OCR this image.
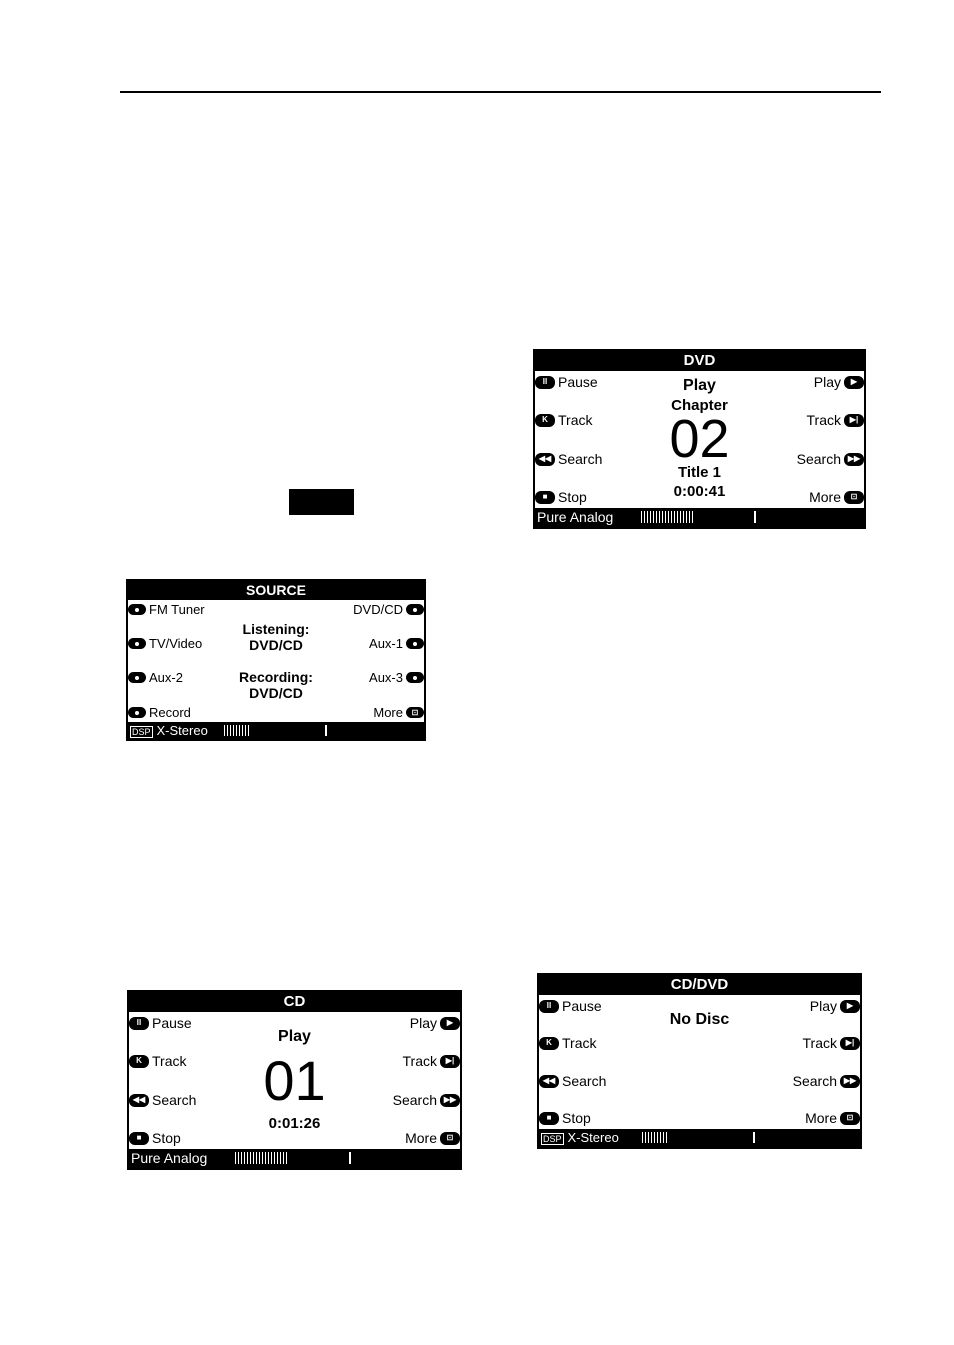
DVD
II Pause
K Track
◀◀ Search
■ Stop
Play	▶
Track	▶|
Search ▶▶
More	⊡
Play
Chapter
02
Title 1
0:00:41
Pure Analog
SOURCE
FM Tuner
TV/Video
Aux-2
Record
DVD/CD
Aux-1
Aux-3
More	⊡
Listening:
DVD/CD
Recording:
DVD/CD
DSP X-Stereo
CD
II Pause
K Track
◀◀ Search
■ Stop
Play	▶
Track	▶|
Search ▶▶
More	⊡
Play
01
0:01:26
Pure Analog
CD/DVD
II Pause
K Track
◀◀ Search
■ Stop
Play	▶
Track	▶|
Search ▶▶
More	⊡
No Disc
DSP X-Stereo
